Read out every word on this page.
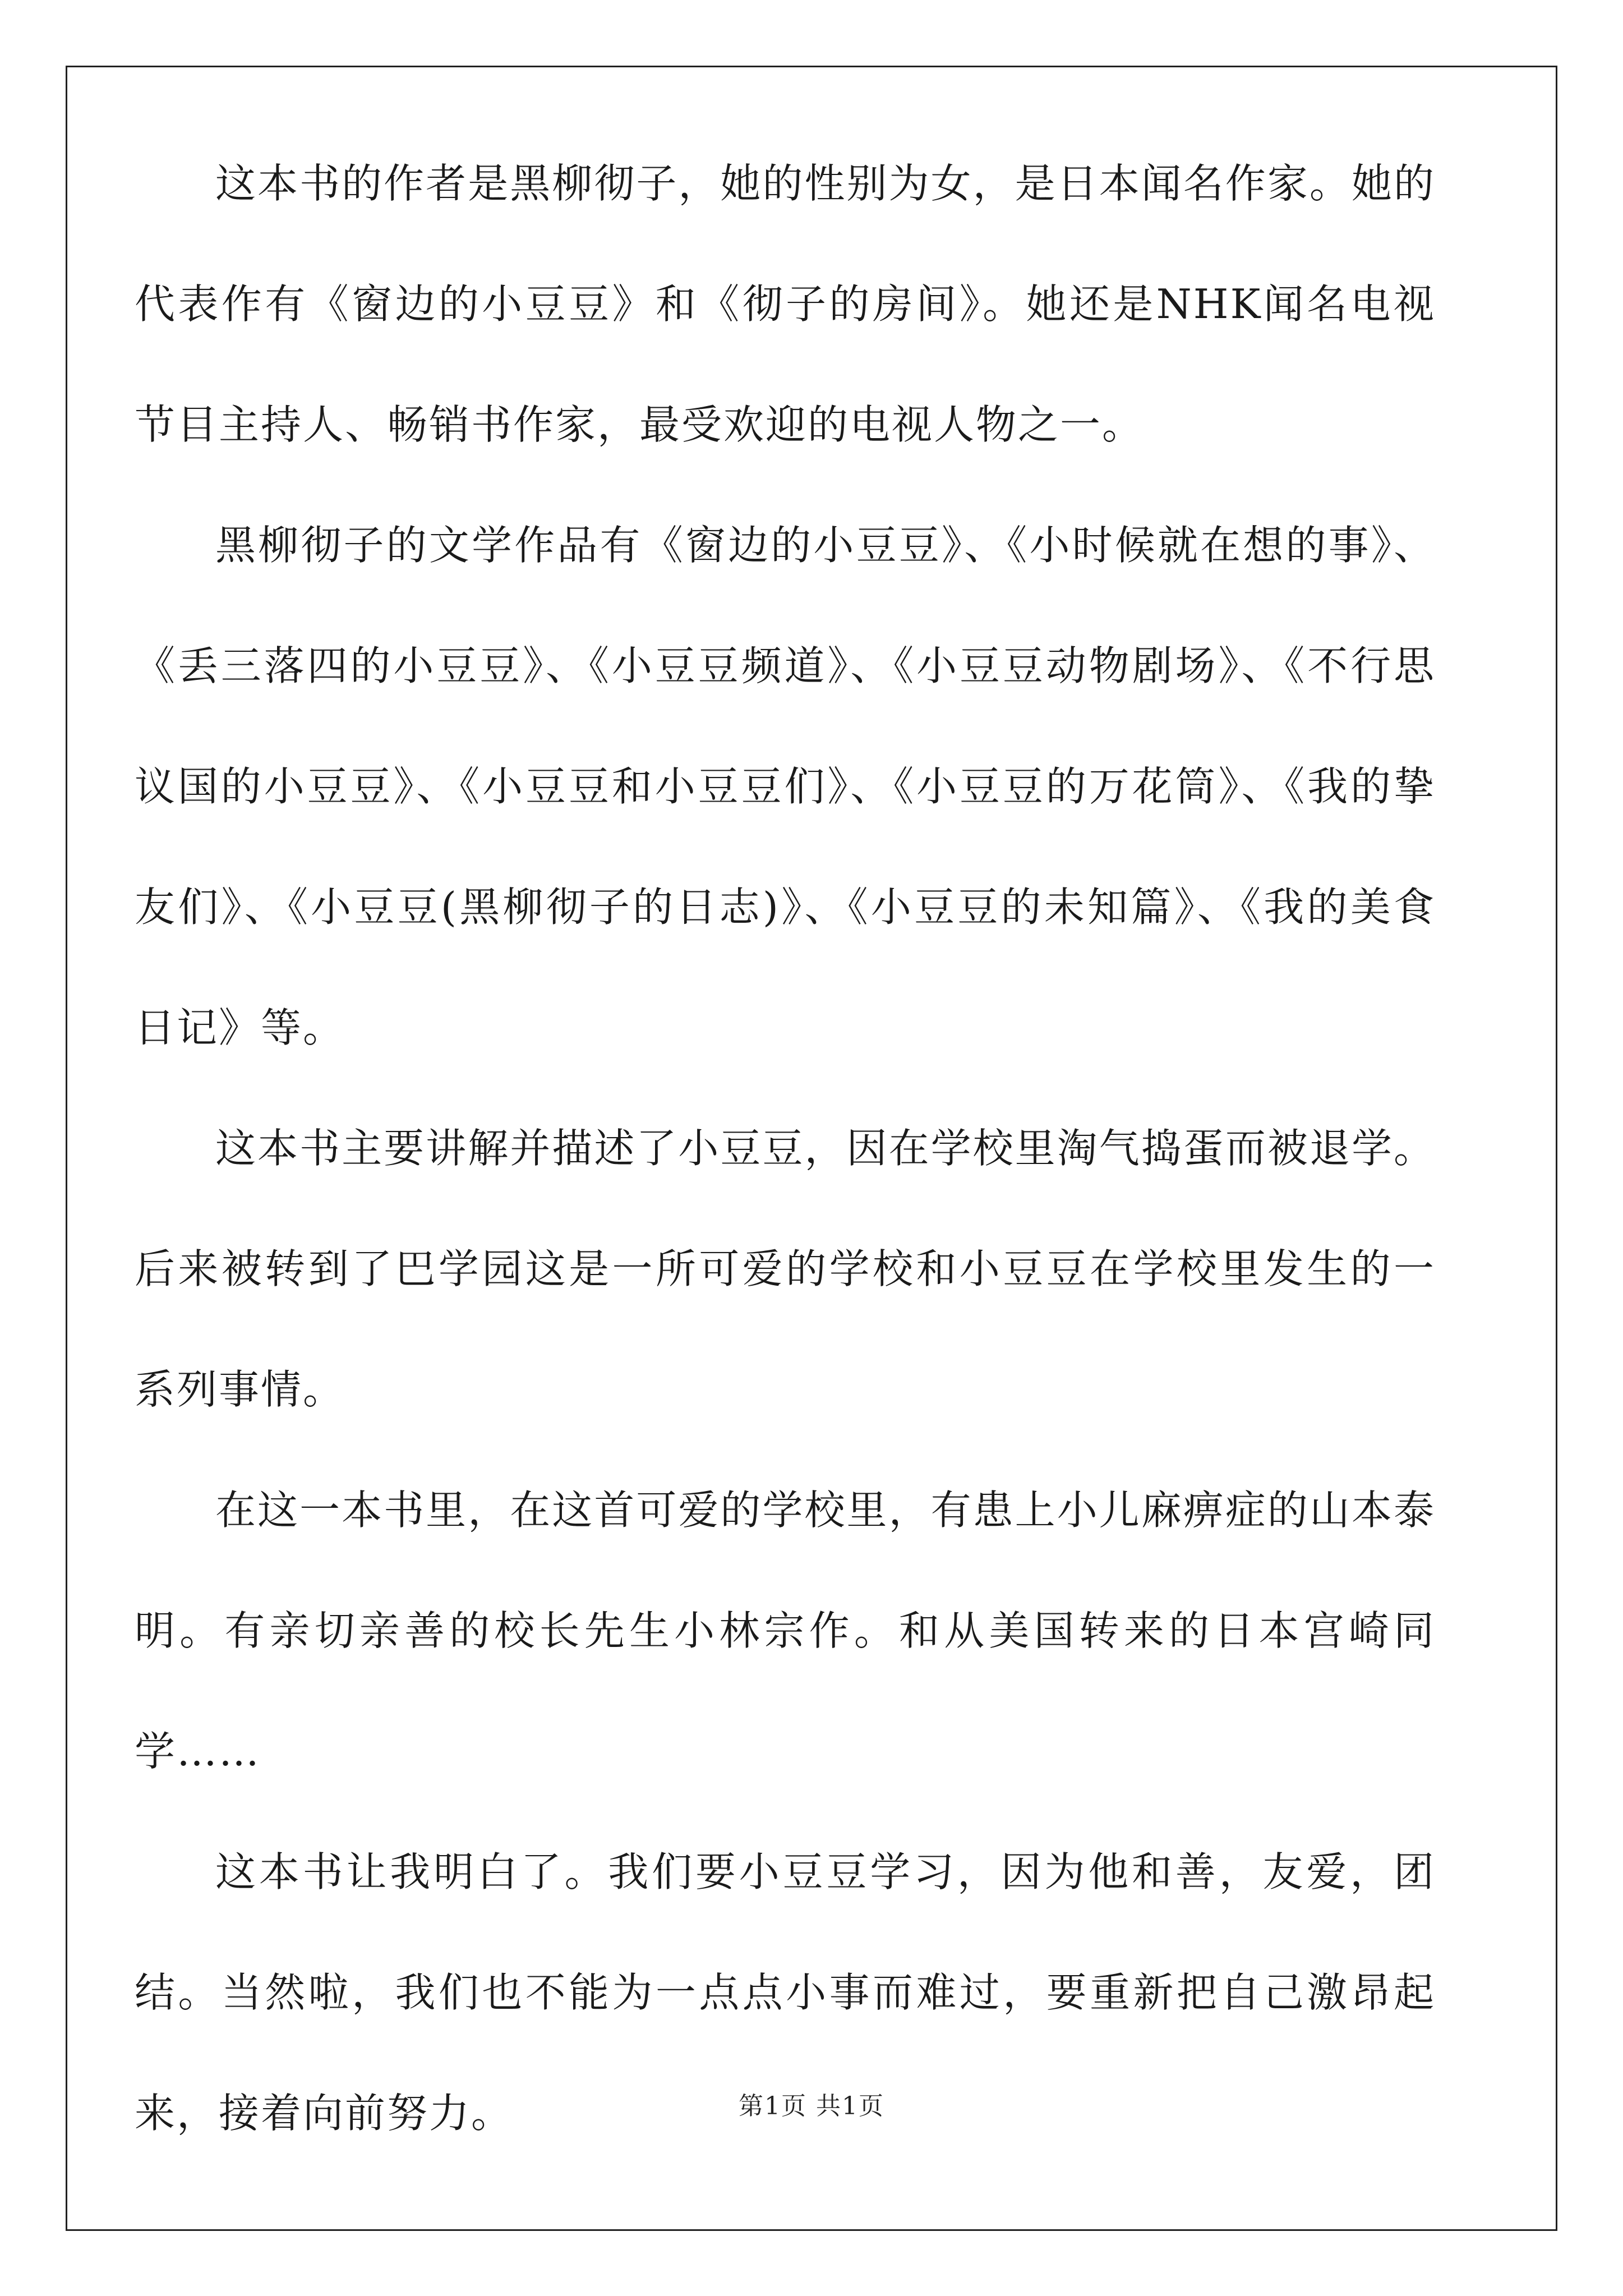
这本书的作者是黑柳彻子，她的性别为女，是日本闻名作家。她的代表作有《窗边的小豆豆》和《彻子的房间》。她还是NHK闻名电视节目主持人、畅销书作家，最受欢迎的电视人物之一。

黑柳彻子的文学作品有《窗边的小豆豆》、《小时候就在想的事》、《丢三落四的小豆豆》、《小豆豆频道》、《小豆豆动物剧场》、《不行思议国的小豆豆》、《小豆豆和小豆豆们》、《小豆豆的万花筒》、《我的挚友们》、《小豆豆(黑柳彻子的日志)》、《小豆豆的未知篇》、《我的美食日记》等。

这本书主要讲解并描述了小豆豆，因在学校里淘气捣蛋而被退学。后来被转到了巴学园这是一所可爱的学校和小豆豆在学校里发生的一系列事情。

在这一本书里，在这首可爱的学校里，有患上小儿麻痹症的山本泰明。有亲切亲善的校长先生小林宗作。和从美国转来的日本宫崎同学……

这本书让我明白了。我们要小豆豆学习，因为他和善，友爱，团结。当然啦，我们也不能为一点点小事而难过，要重新把自己激昂起来，接着向前努力。	第1页 共1页
